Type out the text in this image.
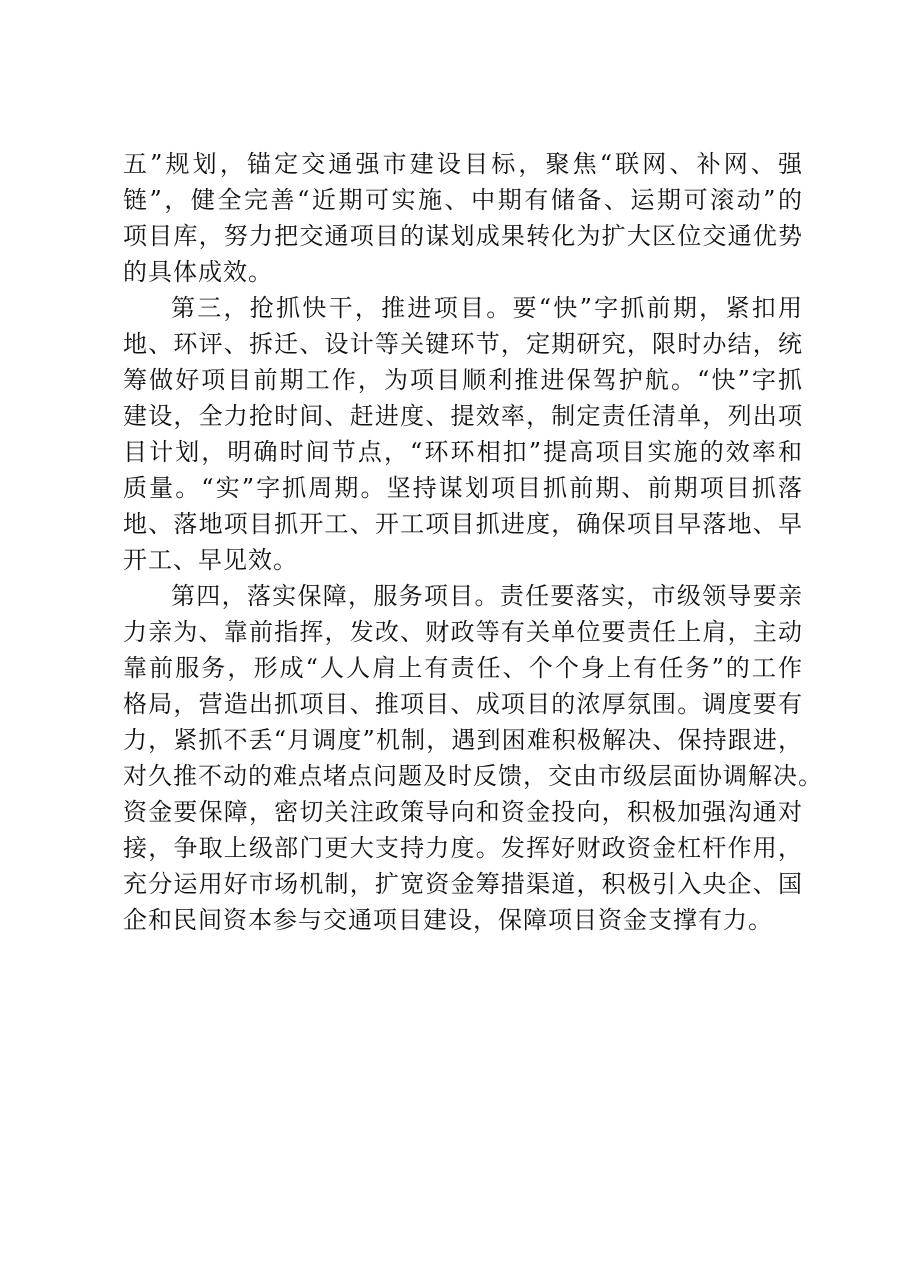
五”规划，锚定交通强市建设目标，聚焦“联网、补网、强
链”，健全完善“近期可实施、中期有储备、运期可滚动”的
项目库，努力把交通项目的谋划成果转化为扩大区位交通优势
的具体成效。
第三，抢抓快干，推进项目。要“快”字抓前期，紧扣用
地、环评、拆迁、设计等关键环节，定期研究，限时办结，统
筹做好项目前期工作，为项目顺利推进保驾护航。“快”字抓
建设，全力抢时间、赶进度、提效率，制定责任清单，列出项
目计划，明确时间节点，“环环相扣”提高项目实施的效率和
质量。“实”字抓周期。坚持谋划项目抓前期、前期项目抓落
地、落地项目抓开工、开工项目抓进度，确保项目早落地、早
开工、早见效。
第四，落实保障，服务项目。责任要落实，市级领导要亲
力亲为、靠前指挥，发改、财政等有关单位要责任上肩，主动
靠前服务，形成“人人肩上有责任、个个身上有任务”的工作
格局，营造出抓项目、推项目、成项目的浓厚氛围。调度要有
力，紧抓不丢“月调度”机制，遇到困难积极解决、保持跟进，
对久推不动的难点堵点问题及时反馈，交由市级层面协调解决。
资金要保障，密切关注政策导向和资金投向，积极加强沟通对
接，争取上级部门更大支持力度。发挥好财政资金杠杆作用，
充分运用好市场机制，扩宽资金筹措渠道，积极引入央企、国
企和民间资本参与交通项目建设，保障项目资金支撑有力。
